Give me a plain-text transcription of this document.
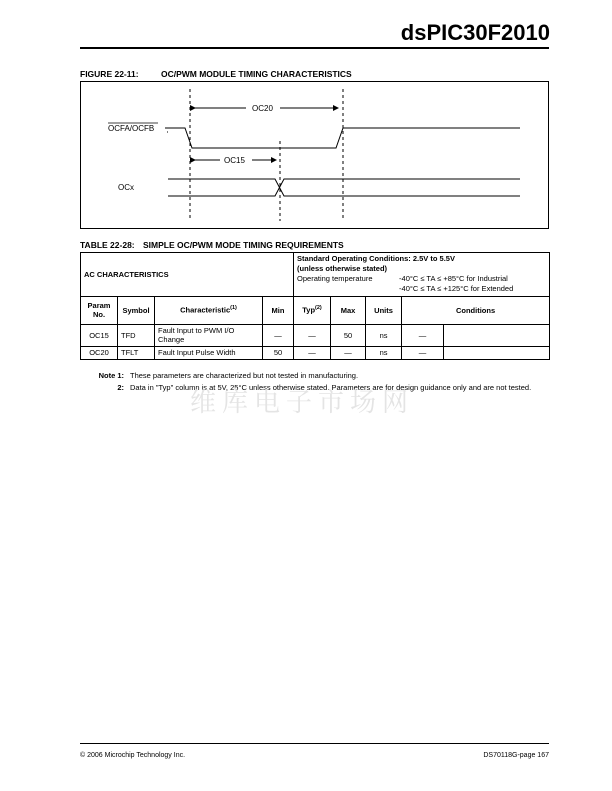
dsPIC30F2010
FIGURE 22-11:	OC/PWM MODULE TIMING CHARACTERISTICS
OCFA/OCFB
OC20
OC15
OCx
TABLE 22-28: SIMPLE OC/PWM MODE TIMING REQUIREMENTS
AC CHARACTERISTICS				Standard Operating Conditions: 2.5V to 5.5V
(unless otherwise stated)
Operating temperature -40°C ≤ TA ≤ +85°C for Industrial
-40°C ≤ TA ≤ +125°C for Extended				

Param No.	Symbol	Characteristic$^{(1)}$	Min	Typ$^{(2)}$	Max	Units	Conditions	
OC15	TFD	Fault Input to PWM I/O Change	—	—	50	ns	—	
OC20	TFLT	Fault Input Pulse Width	50	—	—	ns	—	
Note 1: These parameters are characterized but not tested in manufacturing.
2: Data in "Typ" column is at 5V, 25°C unless otherwise stated. Parameters are for design guidance only and are not tested.
维库电子市场网
© 2006 Microchip Technology Inc.	DS70118G-page 167
